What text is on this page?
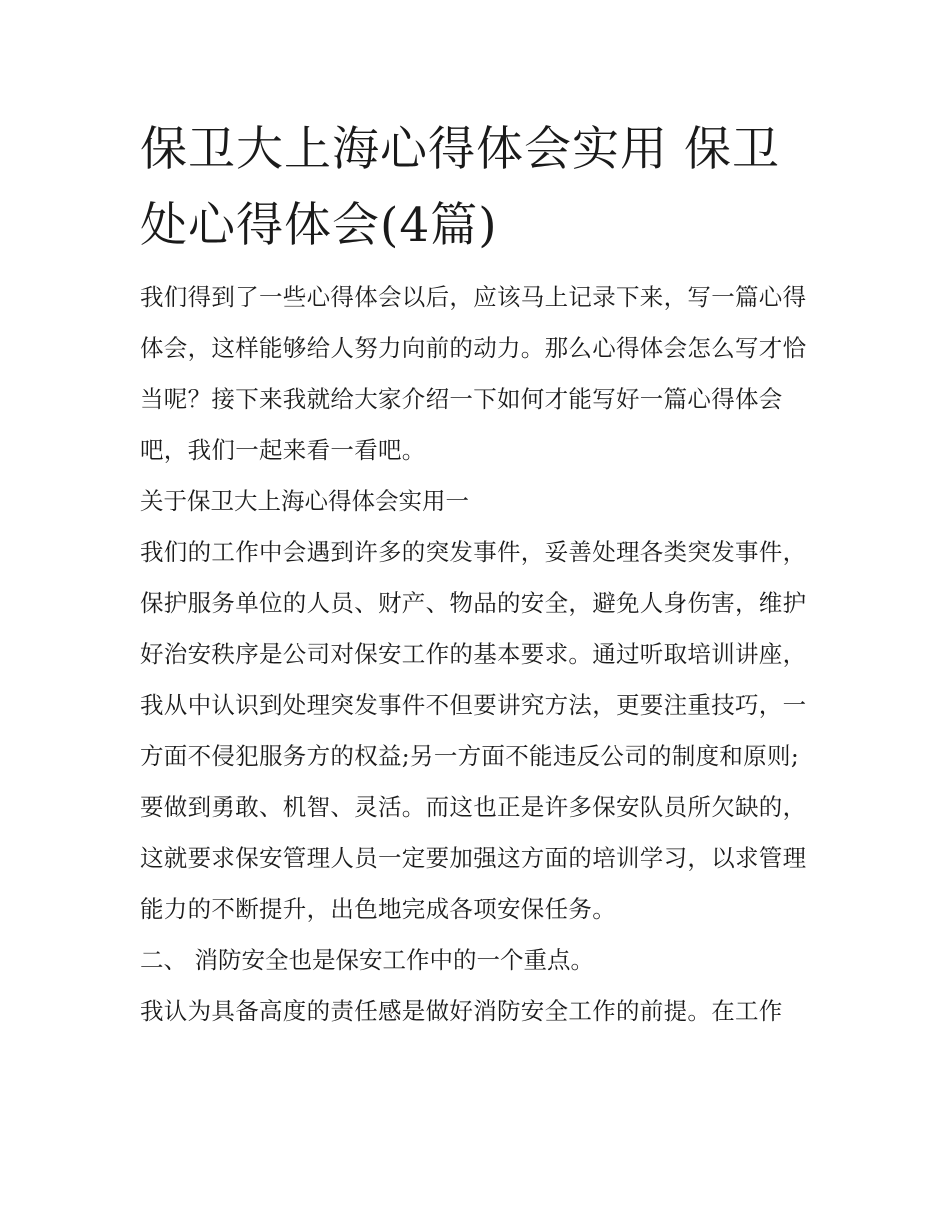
保卫大上海心得体会实用 保卫处心得体会(4篇)

我们得到了一些心得体会以后，应该马上记录下来，写一篇心得体会，这样能够给人努力向前的动力。那么心得体会怎么写才恰当呢？接下来我就给大家介绍一下如何才能写好一篇心得体会吧，我们一起来看一看吧。

关于保卫大上海心得体会实用一

我们的工作中会遇到许多的突发事件，妥善处理各类突发事件，保护服务单位的人员、财产、物品的安全，避免人身伤害，维护好治安秩序是公司对保安工作的基本要求。通过听取培训讲座，我从中认识到处理突发事件不但要讲究方法，更要注重技巧，一方面不侵犯服务方的权益;另一方面不能违反公司的制度和原则;要做到勇敢、机智、灵活。而这也正是许多保安队员所欠缺的，这就要求保安管理人员一定要加强这方面的培训学习，以求管理能力的不断提升，出色地完成各项安保任务。

二、 消防安全也是保安工作中的一个重点。

我认为具备高度的责任感是做好消防安全工作的前提。在工作
